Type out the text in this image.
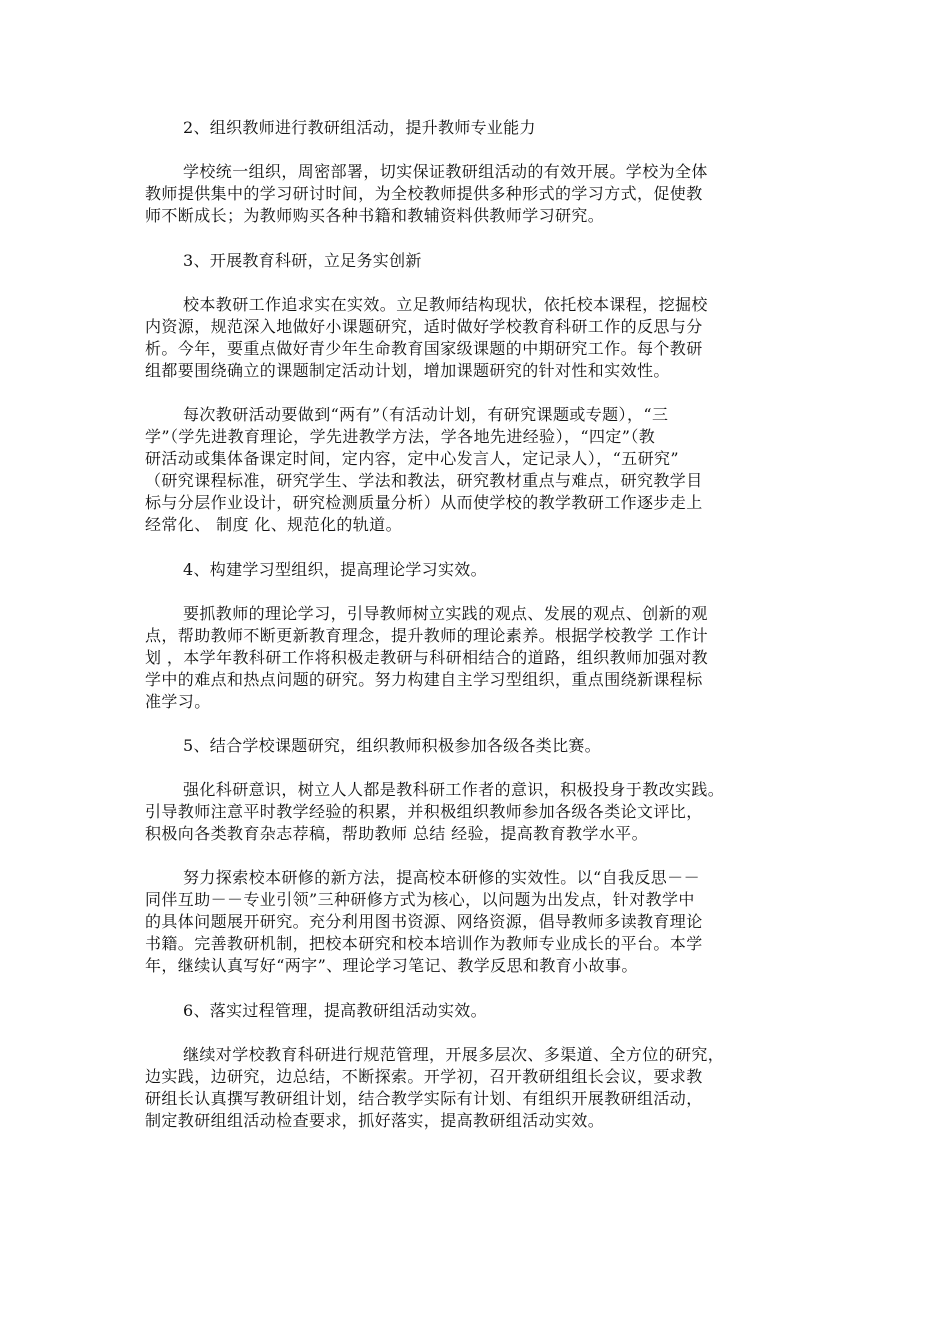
2、组织教师进行教研组活动，提升教师专业能力
学校统一组织，周密部署，切实保证教研组活动的有效开展。学校为全体
教师提供集中的学习研讨时间，为全校教师提供多种形式的学习方式，促使教
师不断成长；为教师购买各种书籍和教辅资料供教师学习研究。
3、开展教育科研，立足务实创新
校本教研工作追求实在实效。立足教师结构现状，依托校本课程，挖掘校
内资源，规范深入地做好小课题研究，适时做好学校教育科研工作的反思与分
析。今年，要重点做好青少年生命教育国家级课题的中期研究工作。每个教研
组都要围绕确立的课题制定活动计划，增加课题研究的针对性和实效性。
每次教研活动要做到“两有”（有活动计划，有研究课题或专题），“三
学”（学先进教育理论，学先进教学方法，学各地先进经验），“四定”（教
研活动或集体备课定时间，定内容，定中心发言人，定记录人），“五研究”
（研究课程标准，研究学生、学法和教法，研究教材重点与难点，研究教学目
标与分层作业设计，研究检测质量分析）从而使学校的教学教研工作逐步走上
经常化、 制度 化、规范化的轨道。
4、构建学习型组织，提高理论学习实效。
要抓教师的理论学习，引导教师树立实践的观点、发展的观点、创新的观
点，帮助教师不断更新教育理念，提升教师的理论素养。根据学校教学 工作计
划 ，本学年教科研工作将积极走教研与科研相结合的道路，组织教师加强对教
学中的难点和热点问题的研究。努力构建自主学习型组织，重点围绕新课程标
准学习。
5、结合学校课题研究，组织教师积极参加各级各类比赛。
强化科研意识，树立人人都是教科研工作者的意识，积极投身于教改实践。
引导教师注意平时教学经验的积累，并积极组织教师参加各级各类论文评比，
积极向各类教育杂志荐稿，帮助教师 总结 经验，提高教育教学水平。
努力探索校本研修的新方法，提高校本研修的实效性。以“自我反思－－
同伴互助－－专业引领”三种研修方式为核心，以问题为出发点，针对教学中
的具体问题展开研究。充分利用图书资源、网络资源，倡导教师多读教育理论
书籍。完善教研机制，把校本研究和校本培训作为教师专业成长的平台。本学
年，继续认真写好“两字”、理论学习笔记、教学反思和教育小故事。
6、落实过程管理，提高教研组活动实效。
继续对学校教育科研进行规范管理，开展多层次、多渠道、全方位的研究，
边实践，边研究，边总结，不断探索。开学初，召开教研组组长会议，要求教
研组长认真撰写教研组计划，结合教学实际有计划、有组织开展教研组活动，
制定教研组组活动检查要求，抓好落实，提高教研组活动实效。
